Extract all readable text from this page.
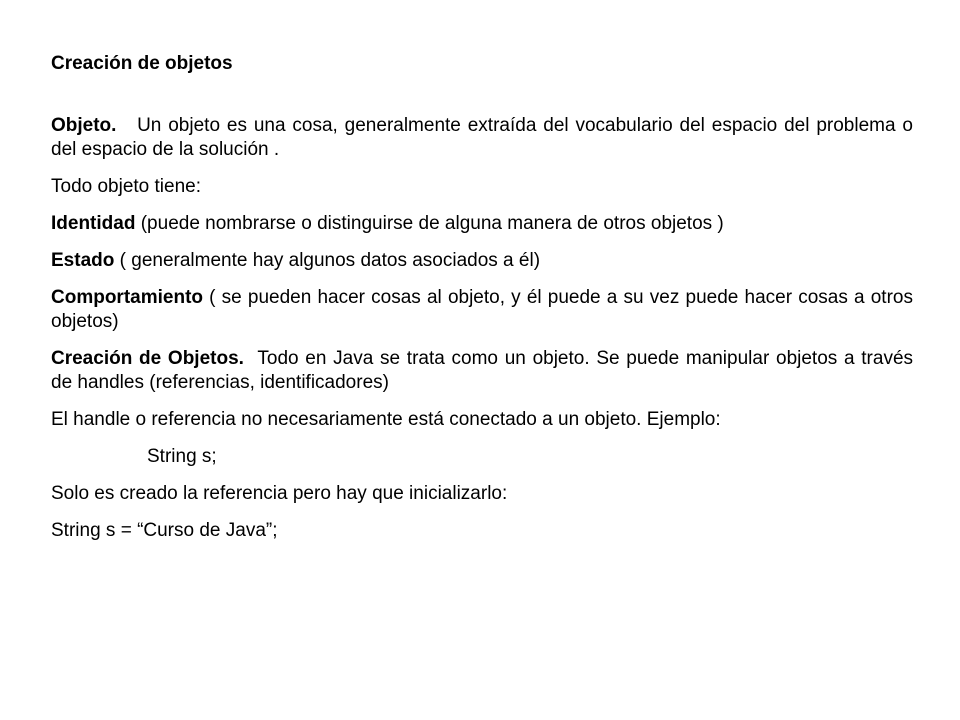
Creación de objetos
Objeto. Un objeto es una cosa, generalmente extraída del vocabulario del espacio del problema o del espacio de la solución .
Todo objeto tiene:
Identidad (puede nombrarse o distinguirse de alguna manera de otros objetos )
Estado ( generalmente hay algunos datos asociados a él)
Comportamiento ( se pueden hacer cosas al objeto, y él puede a su vez puede hacer cosas a otros objetos)
Creación de Objetos. Todo en Java se trata como un objeto. Se puede manipular objetos a través de handles (referencias, identificadores)
El handle o referencia no necesariamente está conectado a un objeto. Ejemplo:
String s;
Solo es creado la referencia pero hay que inicializarlo:
String s = “Curso de Java”;
